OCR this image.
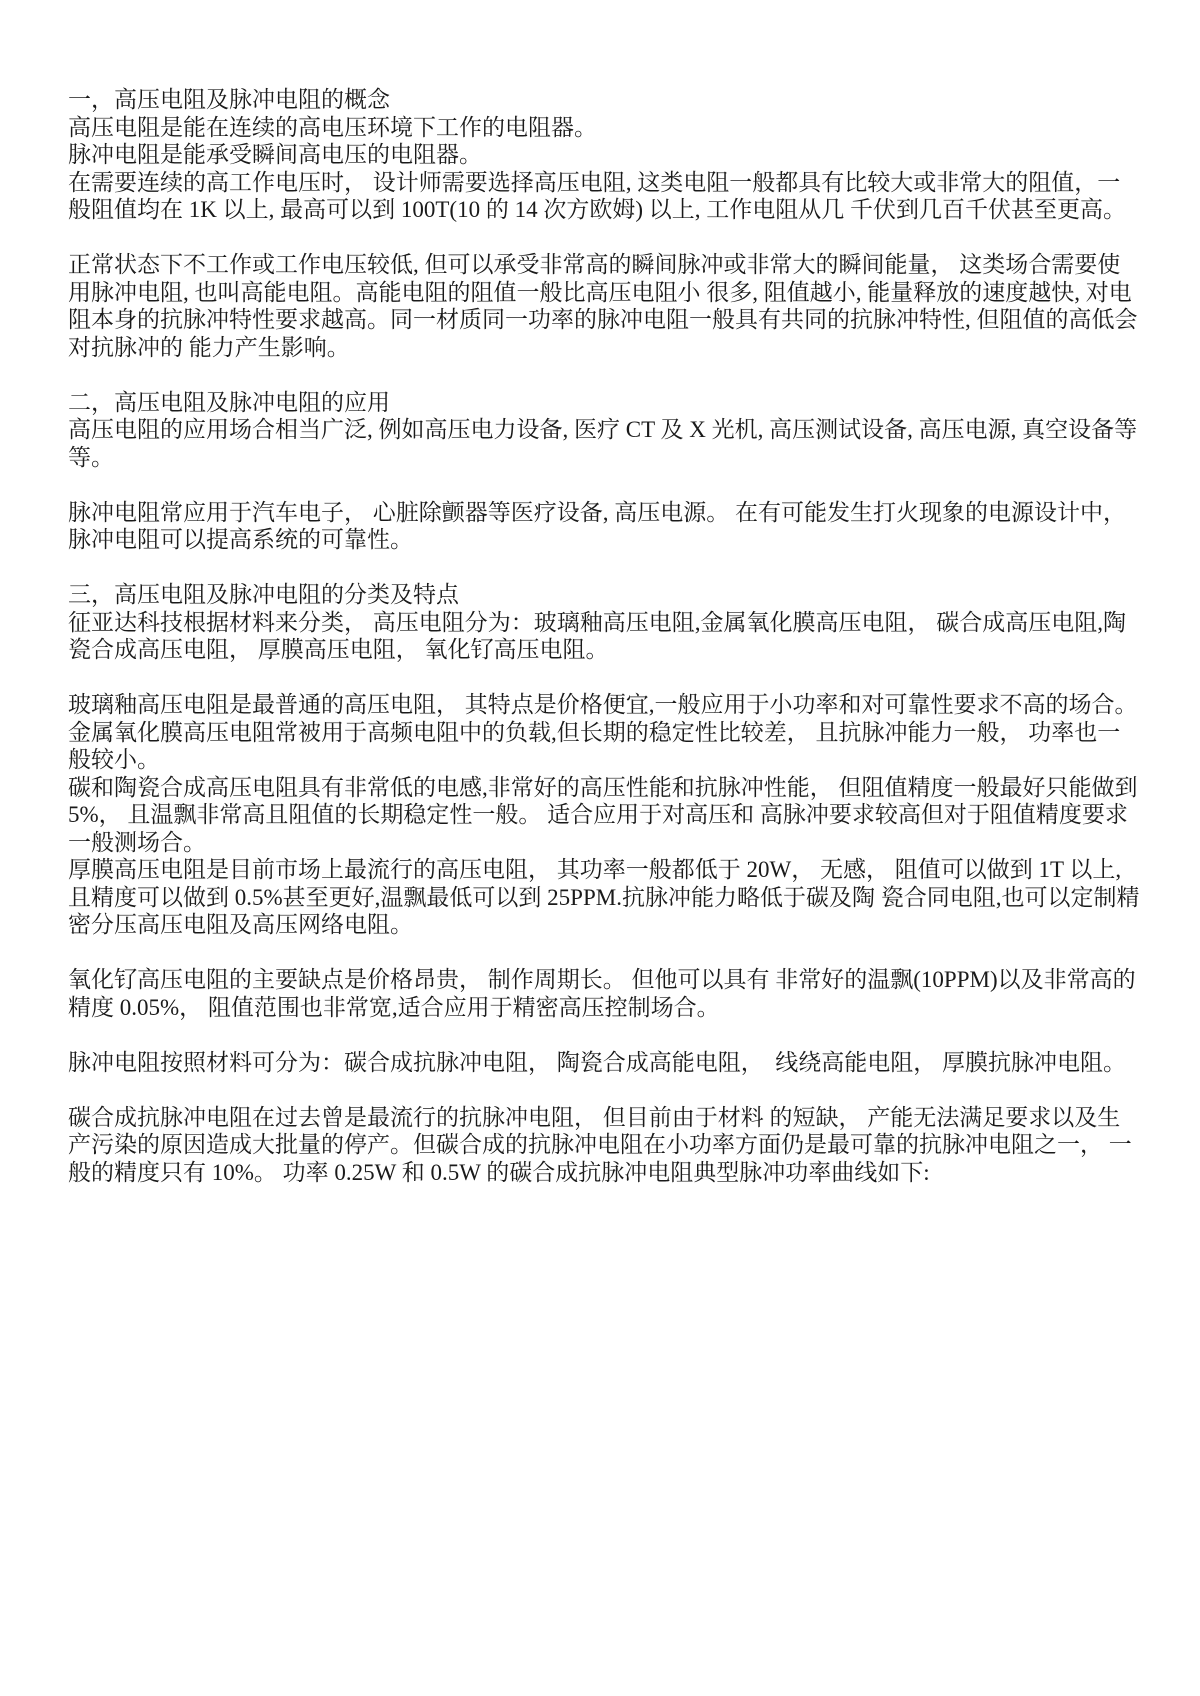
一，高压电阻及脉冲电阻的概念

高压电阻是能在连续的高电压环境下工作的电阻器。

脉冲电阻是能承受瞬间高电压的电阻器。

在需要连续的高工作电压时， 设计师需要选择高压电阻, 这类电阻一般都具有比较大或非常大的阻值，一般阻值均在 1K 以上, 最高可以到 100T(10 的 14 次方欧姆) 以上, 工作电阻从几 千伏到几百千伏甚至更高。

正常状态下不工作或工作电压较低, 但可以承受非常高的瞬间脉冲或非常大的瞬间能量， 这类场合需要使用脉冲电阻, 也叫高能电阻。高能电阻的阻值一般比高压电阻小 很多, 阻值越小, 能量释放的速度越快, 对电阻本身的抗脉冲特性要求越高。同一材质同一功率的脉冲电阻一般具有共同的抗脉冲特性, 但阻值的高低会对抗脉冲的 能力产生影响。

二，高压电阻及脉冲电阻的应用

高压电阻的应用场合相当广泛, 例如高压电力设备, 医疗 CT 及 X 光机, 高压测试设备, 高压电源, 真空设备等等。

脉冲电阻常应用于汽车电子， 心脏除颤器等医疗设备, 高压电源。 在有可能发生打火现象的电源设计中， 脉冲电阻可以提高系统的可靠性。

三，高压电阻及脉冲电阻的分类及特点

征亚达科技根据材料来分类， 高压电阻分为：玻璃釉高压电阻,金属氧化膜高压电阻， 碳合成高压电阻,陶瓷合成高压电阻， 厚膜高压电阻， 氧化钌高压电阻。

玻璃釉高压电阻是最普通的高压电阻， 其特点是价格便宜,一般应用于小功率和对可靠性要求不高的场合。

金属氧化膜高压电阻常被用于高频电阻中的负载,但长期的稳定性比较差， 且抗脉冲能力一般， 功率也一般较小。

碳和陶瓷合成高压电阻具有非常低的电感,非常好的高压性能和抗脉冲性能， 但阻值精度一般最好只能做到 5%， 且温飘非常高且阻值的长期稳定性一般。 适合应用于对高压和 高脉冲要求较高但对于阻值精度要求一般测场合。

厚膜高压电阻是目前市场上最流行的高压电阻， 其功率一般都低于 20W， 无感， 阻值可以做到 1T 以上,且精度可以做到 0.5%甚至更好,温飘最低可以到 25PPM.抗脉冲能力略低于碳及陶 瓷合同电阻,也可以定制精密分压高压电阻及高压网络电阻。

氧化钌高压电阻的主要缺点是价格昂贵， 制作周期长。 但他可以具有 非常好的温飘(10PPM)以及非常高的精度 0.05%， 阻值范围也非常宽,适合应用于精密高压控制场合。

脉冲电阻按照材料可分为：碳合成抗脉冲电阻， 陶瓷合成高能电阻，  线绕高能电阻， 厚膜抗脉冲电阻。

碳合成抗脉冲电阻在过去曾是最流行的抗脉冲电阻， 但目前由于材料 的短缺， 产能无法满足要求以及生产污染的原因造成大批量的停产。但碳合成的抗脉冲电阻在小功率方面仍是最可靠的抗脉冲电阻之一， 一般的精度只有 10%。 功率 0.25W 和 0.5W 的碳合成抗脉冲电阻典型脉冲功率曲线如下:
